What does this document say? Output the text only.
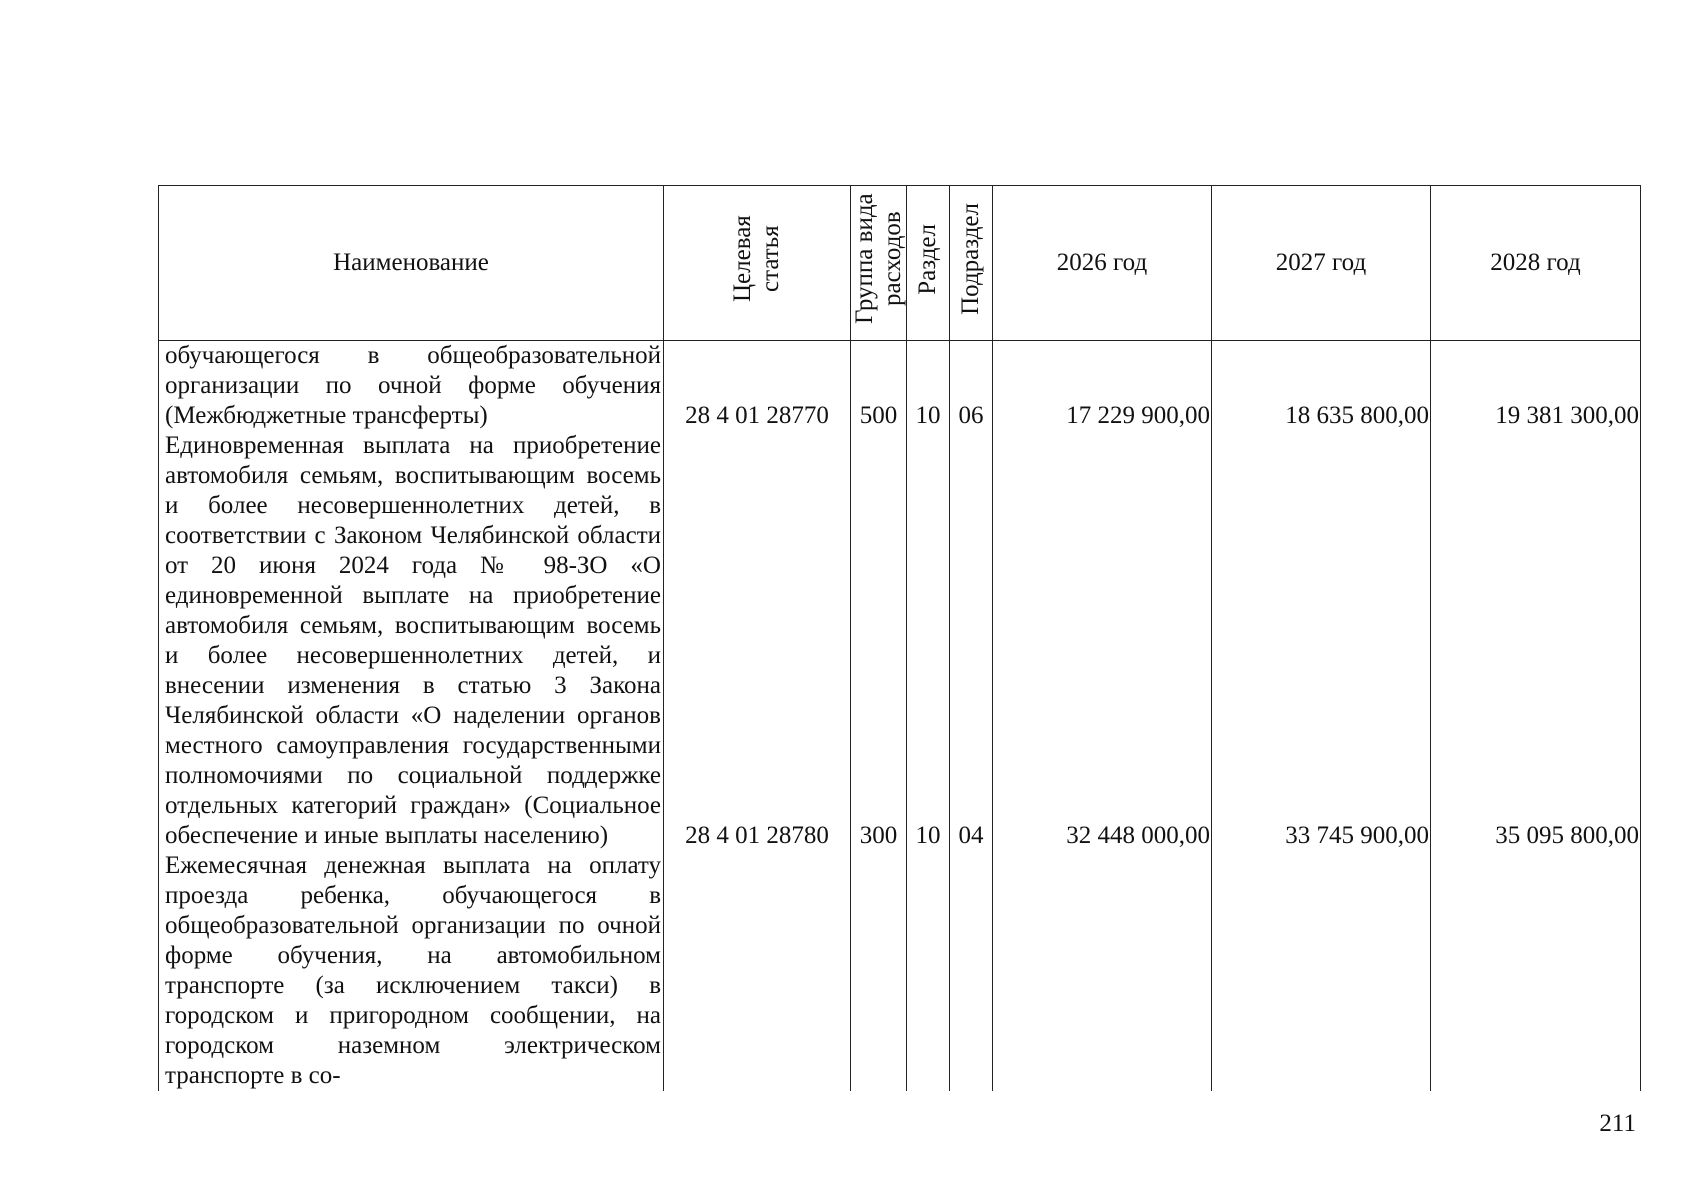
Наименование	Целевая статья	Группа вида расходов	Раздел	Подраздел	2026 год	2027 год	2028 год
обучающегося в общеобразовательной организации по очной форме обучения (Межбюджетные трансферты)	28 4 01 28770	500	10	06	17 229 900,00	18 635 800,00	19 381 300,00
Единовременная выплата на приобретение автомобиля семьям, воспитывающим восемь и более несовершеннолетних детей, в соответствии с Законом Челябинской области от 20 июня 2024 года № 98-ЗО «О единовременной выплате на приобретение автомобиля семьям, воспитывающим восемь и более несовершеннолетних детей, и внесении изменения в статью 3 Закона Челябинской области «О наделении органов местного самоуправления государственными полномочиями по социальной поддержке отдельных категорий граждан» (Социальное обеспечение и иные выплаты населению)	28 4 01 28780	300	10	04	32 448 000,00	33 745 900,00	35 095 800,00
Ежемесячная денежная выплата на оплату проезда ребенка, обучающегося в общеобразовательной организации по очной форме обучения, на автомобильном транспорте (за исключением такси) в городском и пригородном сообщении, на городском наземном электрическом транспорте в со-							
211
